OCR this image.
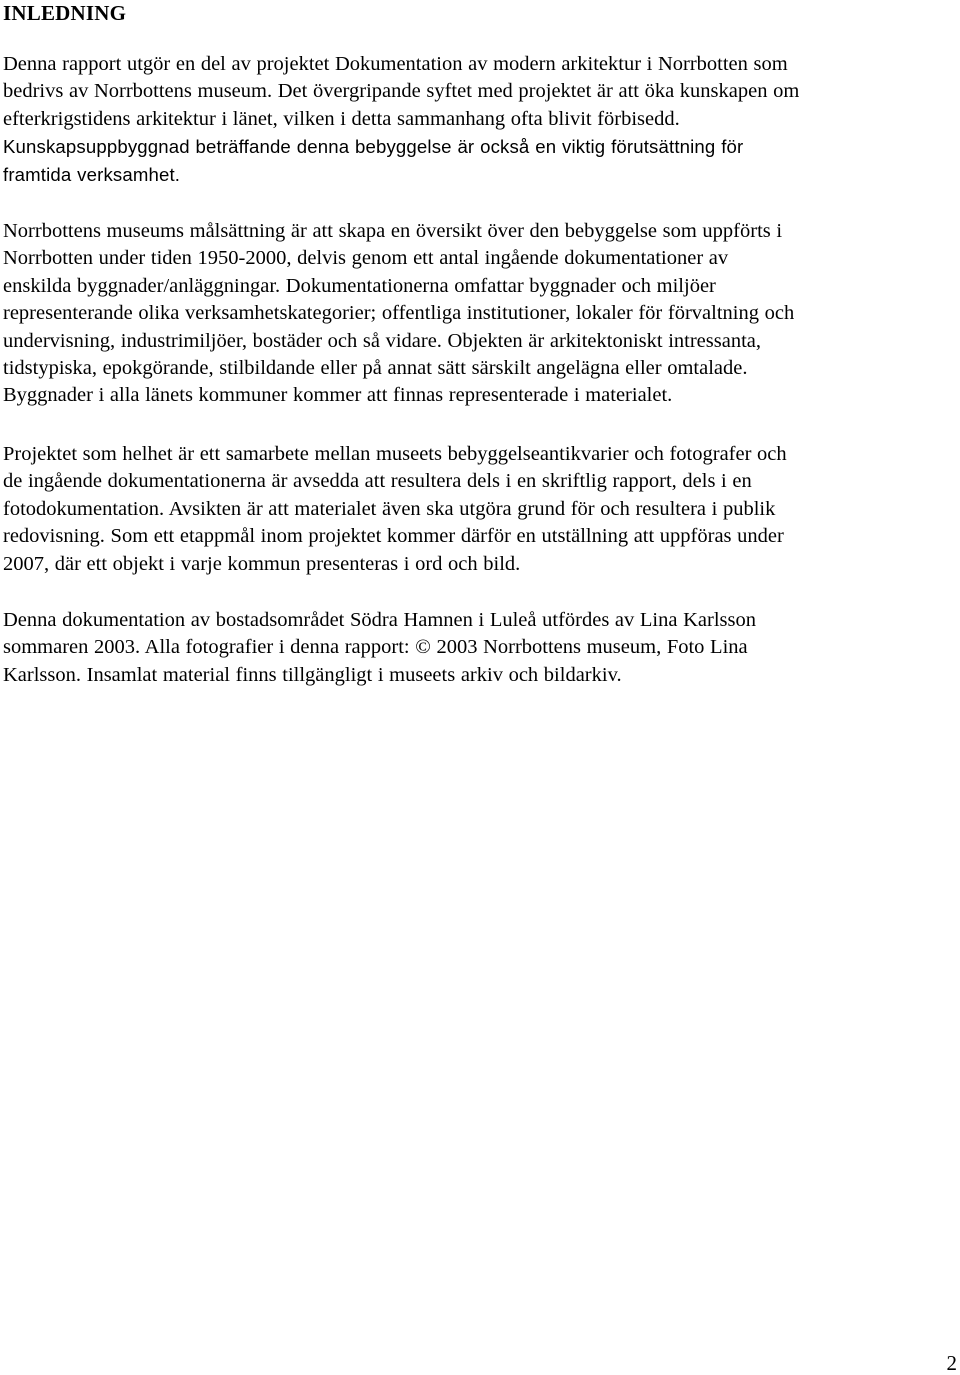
INLEDNING

Denna rapport utgör en del av projektet Dokumentation av modern arkitektur i Norrbotten som
bedrivs av Norrbottens museum. Det övergripande syftet med projektet är att öka kunskapen om
efterkrigstidens arkitektur i länet, vilken i detta sammanhang ofta blivit förbisedd.
Kunskapsuppbyggnad beträffande denna bebyggelse är också en viktig förutsättning för
framtida verksamhet.

Norrbottens museums målsättning är att skapa en översikt över den bebyggelse som uppförts i
Norrbotten under tiden 1950-2000, delvis genom ett antal ingående dokumentationer av
enskilda byggnader/anläggningar. Dokumentationerna omfattar byggnader och miljöer
representerande olika verksamhetskategorier; offentliga institutioner, lokaler för förvaltning och
undervisning, industrimiljöer, bostäder och så vidare. Objekten är arkitektoniskt intressanta,
tidstypiska, epokgörande, stilbildande eller på annat sätt särskilt angelägna eller omtalade.
Byggnader i alla länets kommuner kommer att finnas representerade i materialet.

Projektet som helhet är ett samarbete mellan museets bebyggelseantikvarier och fotografer och
de ingående dokumentationerna är avsedda att resultera dels i en skriftlig rapport, dels i en
fotodokumentation. Avsikten är att materialet även ska utgöra grund för och resultera i publik
redovisning. Som ett etappmål inom projektet kommer därför en utställning att uppföras under
2007, där ett objekt i varje kommun presenteras i ord och bild.

Denna dokumentation av bostadsområdet Södra Hamnen i Luleå utfördes av Lina Karlsson
sommaren 2003. Alla fotografier i denna rapport: © 2003 Norrbottens museum, Foto Lina
Karlsson. Insamlat material finns tillgängligt i museets arkiv och bildarkiv.

2
